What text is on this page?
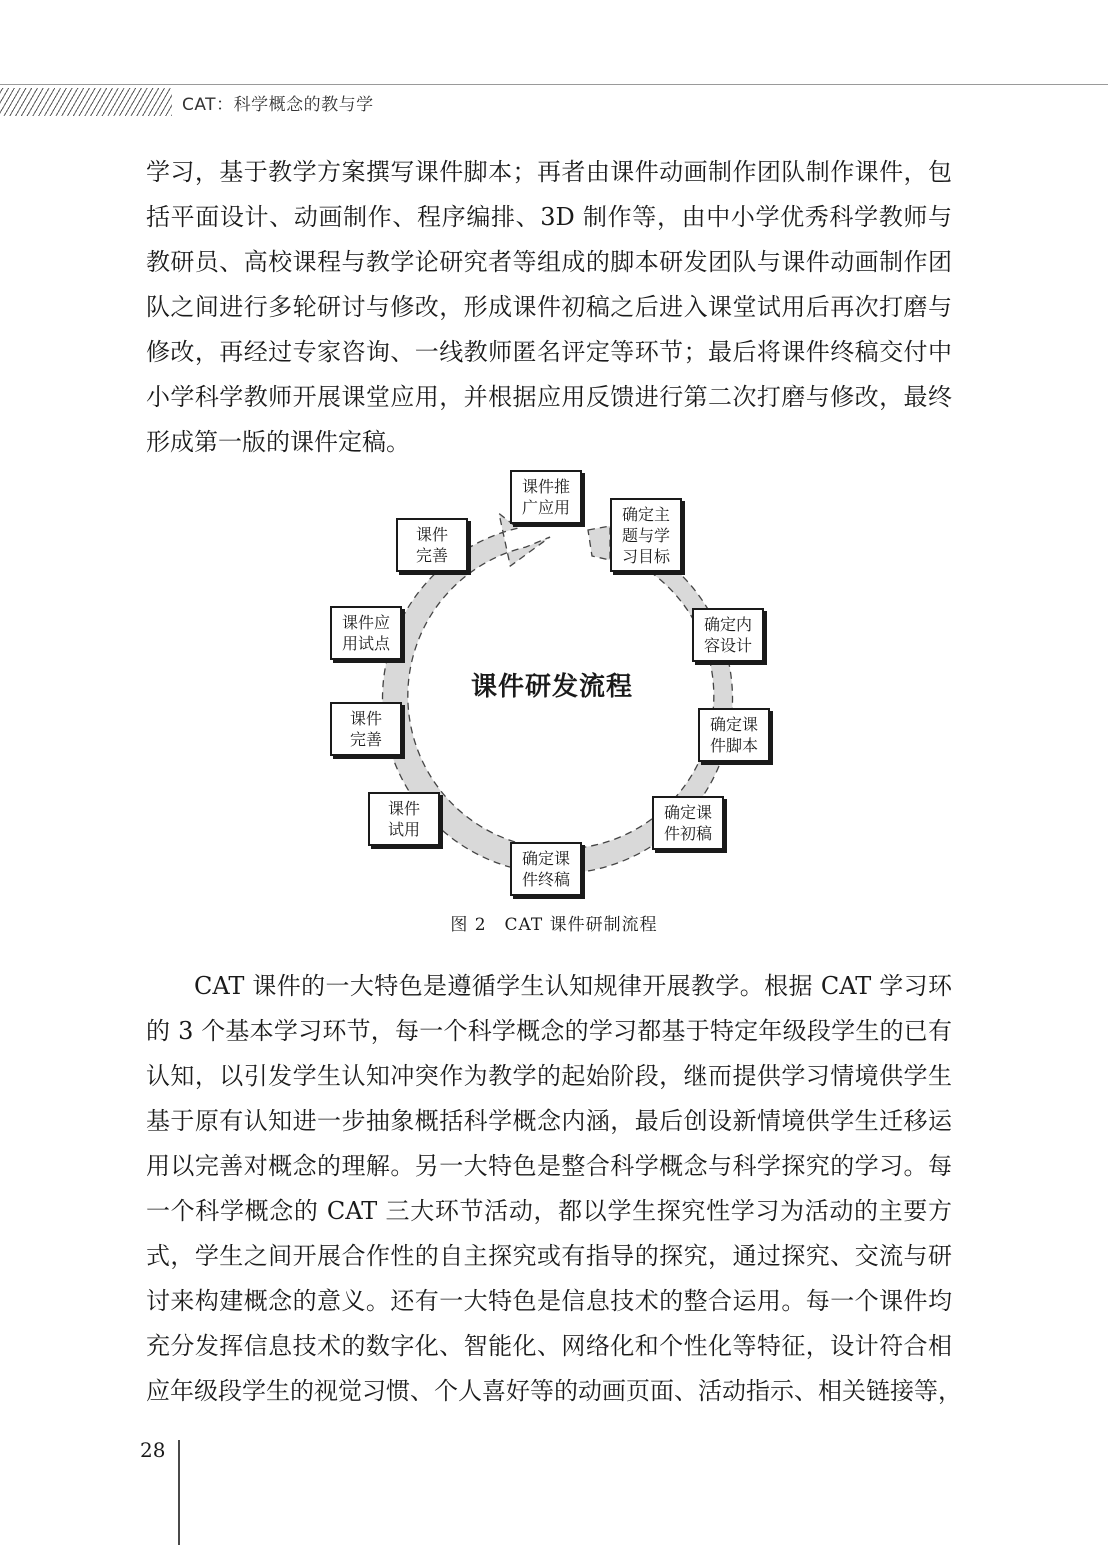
CAT：科学概念的教与学
学习，基于教学方案撰写课件脚本；再者由课件动画制作团队制作课件，包
括平面设计、动画制作、程序编排、3D 制作等，由中小学优秀科学教师与
教研员、高校课程与教学论研究者等组成的脚本研发团队与课件动画制作团
队之间进行多轮研讨与修改，形成课件初稿之后进入课堂试用后再次打磨与
修改，再经过专家咨询、一线教师匿名评定等环节；最后将课件终稿交付中
小学科学教师开展课堂应用，并根据应用反馈进行第二次打磨与修改，最终
形成第一版的课件定稿。
课件研发流程
课件推
广应用	确定主
题与学
习目标
确定内
容设计
确定课
件脚本
确定课
件初稿
确定课
件终稿
课件
试用
课件
完善
课件应
用试点
课件
完善
图 2　CAT 课件研制流程
CAT 课件的一大特色是遵循学生认知规律开展教学。根据 CAT 学习环
的 3 个基本学习环节，每一个科学概念的学习都基于特定年级段学生的已有
认知，以引发学生认知冲突作为教学的起始阶段，继而提供学习情境供学生
基于原有认知进一步抽象概括科学概念内涵，最后创设新情境供学生迁移运
用以完善对概念的理解。另一大特色是整合科学概念与科学探究的学习。每
一个科学概念的 CAT 三大环节活动，都以学生探究性学习为活动的主要方
式，学生之间开展合作性的自主探究或有指导的探究，通过探究、交流与研
讨来构建概念的意义。还有一大特色是信息技术的整合运用。每一个课件均
充分发挥信息技术的数字化、智能化、网络化和个性化等特征，设计符合相
应年级段学生的视觉习惯、个人喜好等的动画页面、活动指示、相关链接等，
28
